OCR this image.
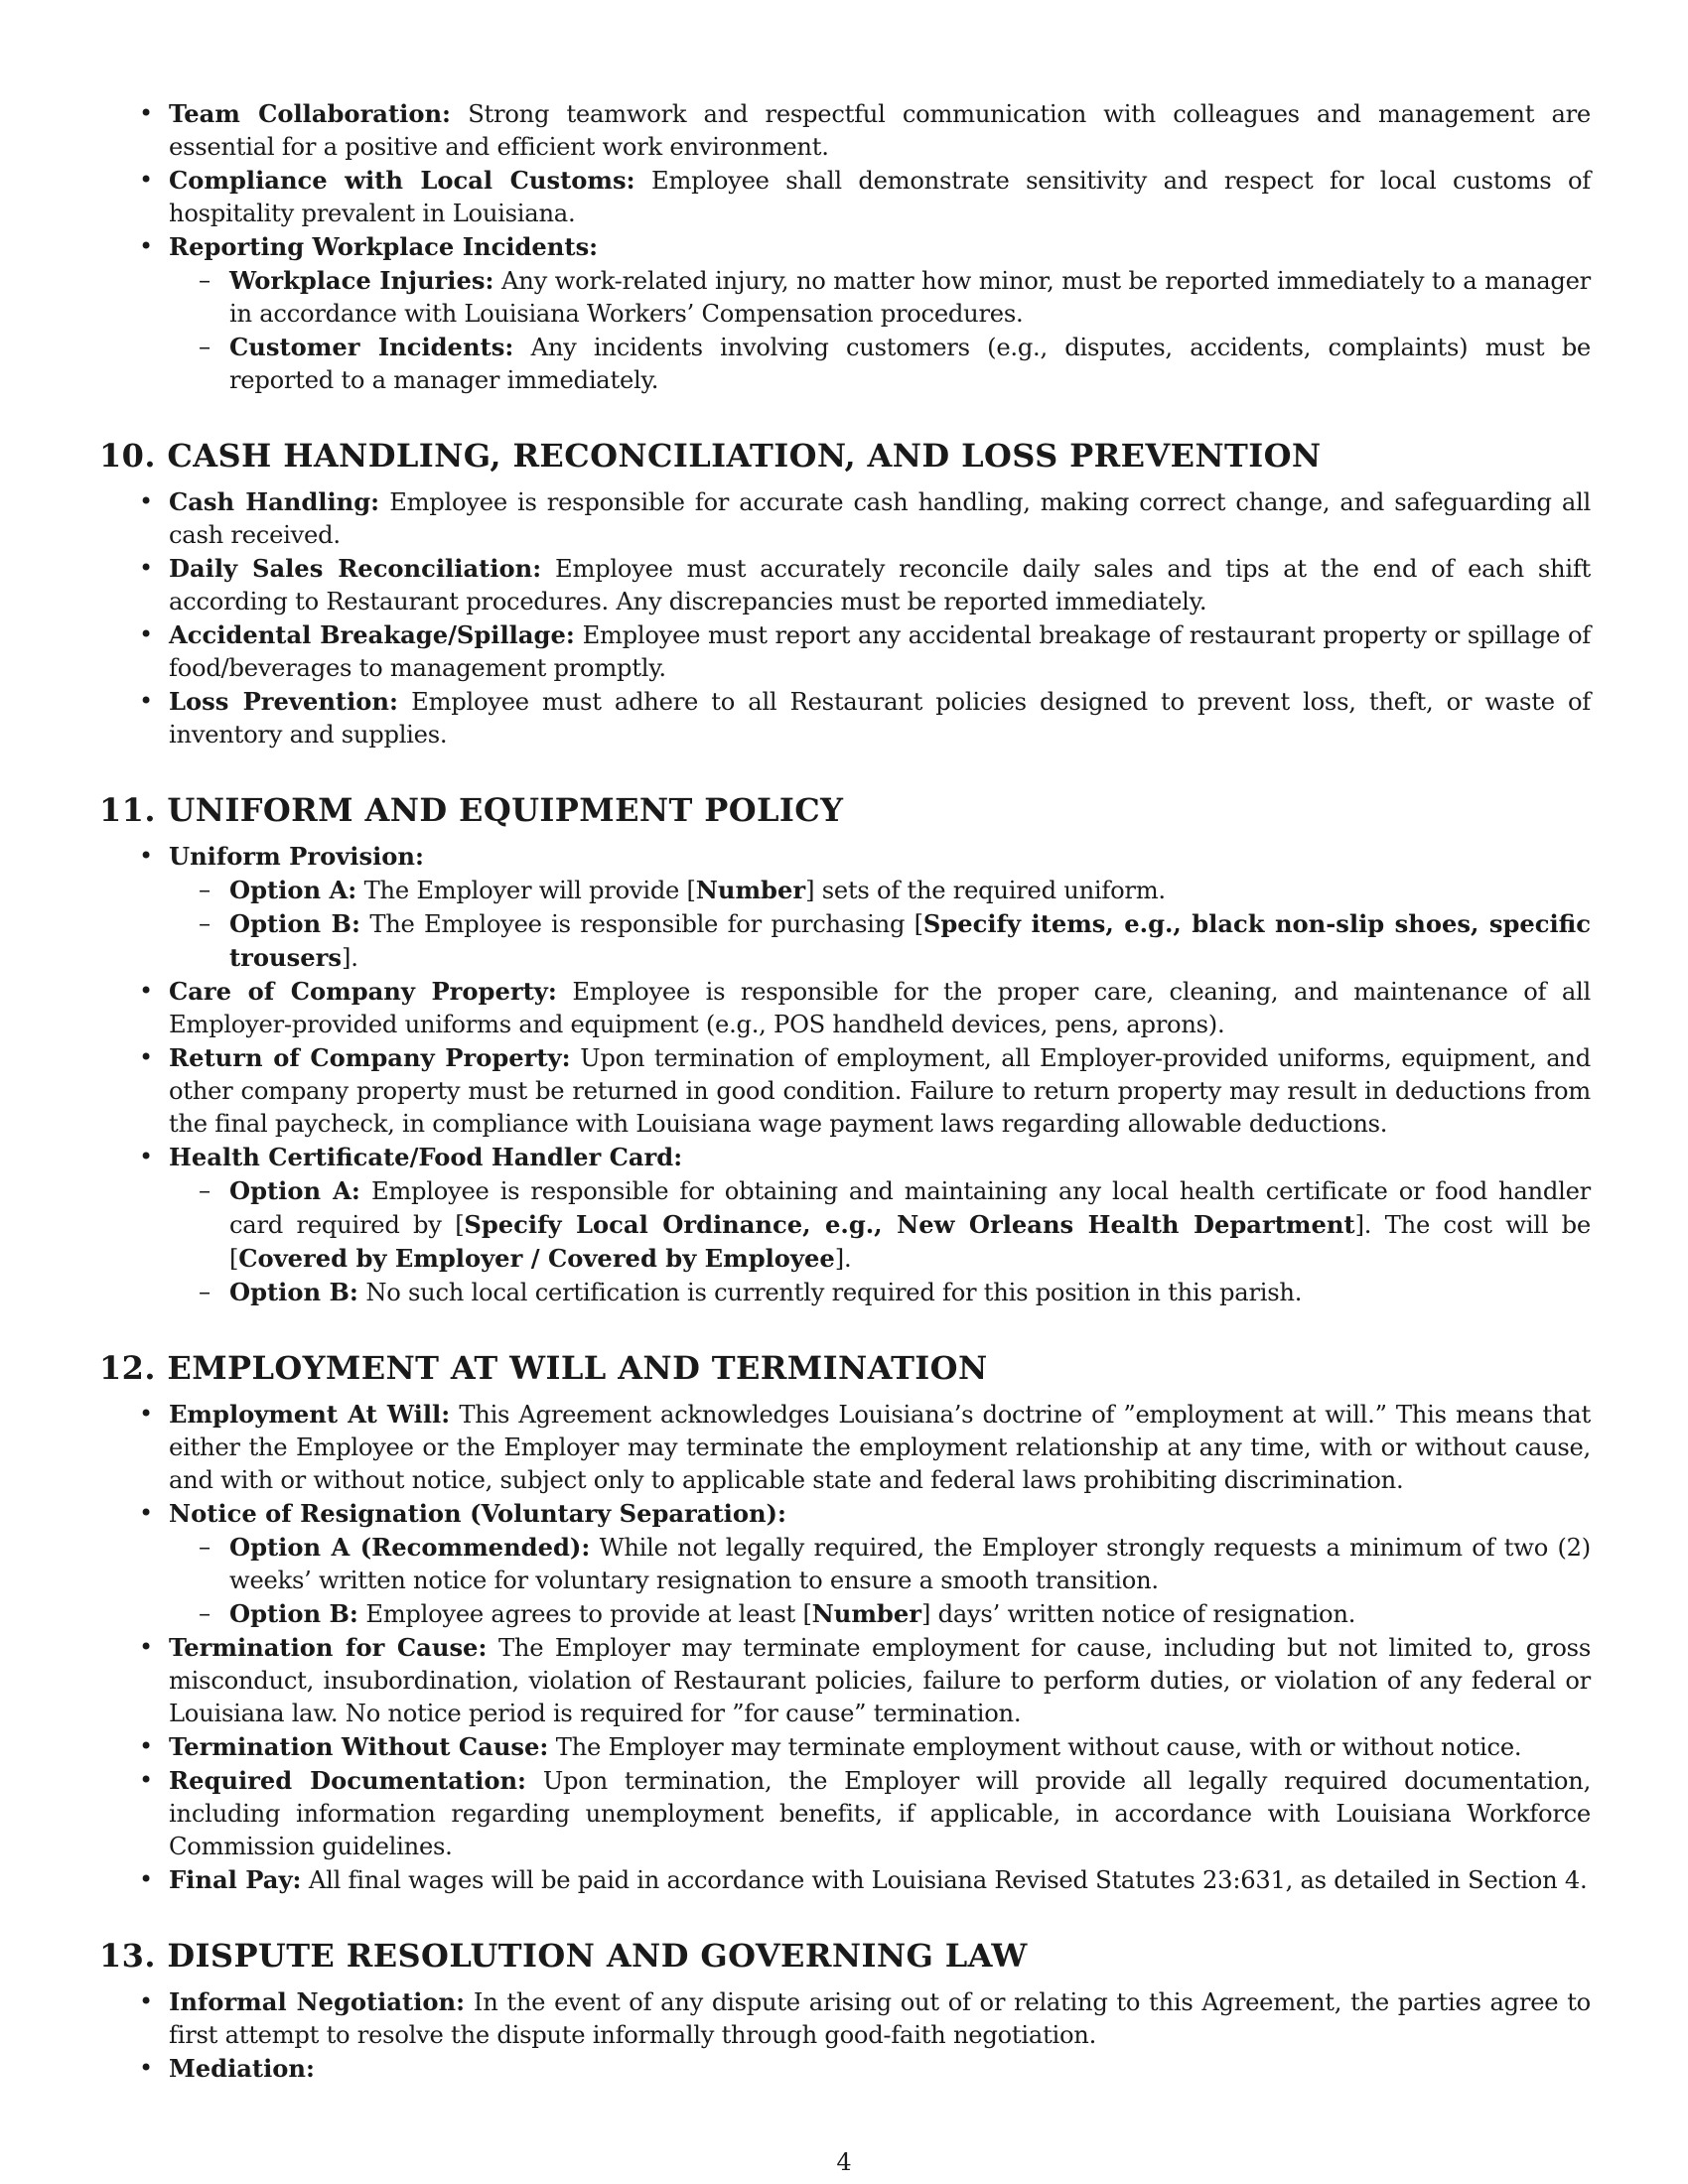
• Team Collaboration: Strong teamwork and respectful communication with colleagues and management are essential for a positive and efficient work environment.
• Compliance with Local Customs: Employee shall demonstrate sensitivity and respect for local customs of hospitality prevalent in Louisiana.
• Reporting Workplace Incidents:
– Workplace Injuries: Any work-related injury, no matter how minor, must be reported immediately to a manager in accordance with Louisiana Workers’ Compensation procedures.
– Customer Incidents: Any incidents involving customers (e.g., disputes, accidents, complaints) must be reported to a manager immediately.
10. CASH HANDLING, RECONCILIATION, AND LOSS PREVENTION
• Cash Handling: Employee is responsible for accurate cash handling, making correct change, and safeguarding all cash received.
• Daily Sales Reconciliation: Employee must accurately reconcile daily sales and tips at the end of each shift according to Restaurant procedures. Any discrepancies must be reported immediately.
• Accidental Breakage/Spillage: Employee must report any accidental breakage of restaurant property or spillage of food/beverages to management promptly.
• Loss Prevention: Employee must adhere to all Restaurant policies designed to prevent loss, theft, or waste of inventory and supplies.
11. UNIFORM AND EQUIPMENT POLICY
• Uniform Provision:
– Option A: The Employer will provide [Number] sets of the required uniform.
– Option B: The Employee is responsible for purchasing [Specify items, e.g., black non-slip shoes, specific trousers].
• Care of Company Property: Employee is responsible for the proper care, cleaning, and maintenance of all Employer-provided uniforms and equipment (e.g., POS handheld devices, pens, aprons).
• Return of Company Property: Upon termination of employment, all Employer-provided uniforms, equipment, and other company property must be returned in good condition. Failure to return property may result in deductions from the final paycheck, in compliance with Louisiana wage payment laws regarding allowable deductions.
• Health Certificate/Food Handler Card:
– Option A: Employee is responsible for obtaining and maintaining any local health certificate or food handler card required by [Specify Local Ordinance, e.g., New Orleans Health Department]. The cost will be [Covered by Employer / Covered by Employee].
– Option B: No such local certification is currently required for this position in this parish.
12. EMPLOYMENT AT WILL AND TERMINATION
• Employment At Will: This Agreement acknowledges Louisiana’s doctrine of ”employment at will.” This means that either the Employee or the Employer may terminate the employment relationship at any time, with or without cause, and with or without notice, subject only to applicable state and federal laws prohibiting discrimination.
• Notice of Resignation (Voluntary Separation):
– Option A (Recommended): While not legally required, the Employer strongly requests a minimum of two (2) weeks’ written notice for voluntary resignation to ensure a smooth transition.
– Option B: Employee agrees to provide at least [Number] days’ written notice of resignation.
• Termination for Cause: The Employer may terminate employment for cause, including but not limited to, gross misconduct, insubordination, violation of Restaurant policies, failure to perform duties, or violation of any federal or Louisiana law. No notice period is required for ”for cause” termination.
• Termination Without Cause: The Employer may terminate employment without cause, with or without notice.
• Required Documentation: Upon termination, the Employer will provide all legally required documentation, including information regarding unemployment benefits, if applicable, in accordance with Louisiana Workforce Commission guidelines.
• Final Pay: All final wages will be paid in accordance with Louisiana Revised Statutes 23:631, as detailed in Section 4.
13. DISPUTE RESOLUTION AND GOVERNING LAW
• Informal Negotiation: In the event of any dispute arising out of or relating to this Agreement, the parties agree to first attempt to resolve the dispute informally through good-faith negotiation.
• Mediation:
4
